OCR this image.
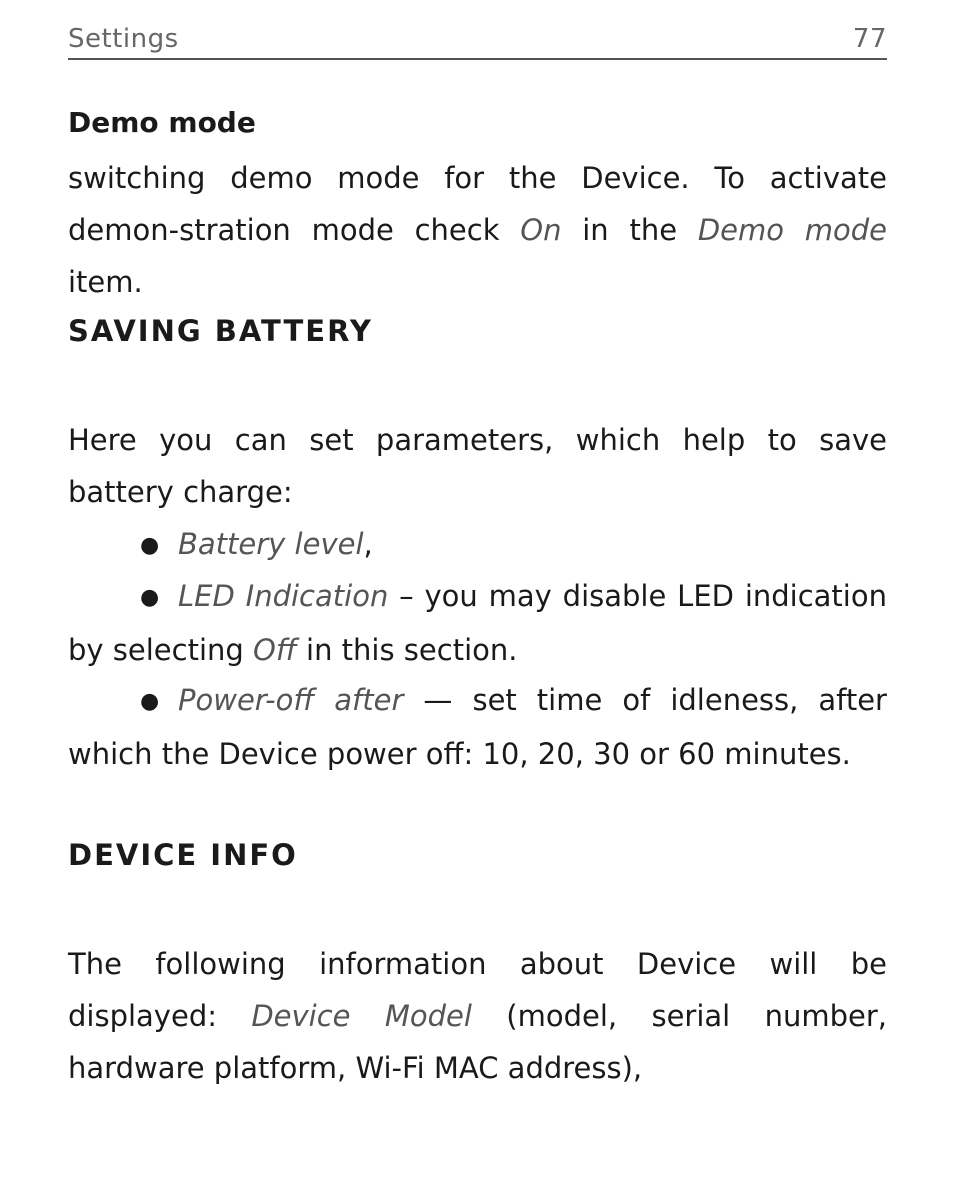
Settings	77
Demo mode

switching demo mode for the Device. To activate demon-stration mode check On in the Demo mode item.

SAVING BATTERY

Here you can set parameters, which help to save battery charge:

● Battery level,

● LED Indication – you may disable LED indication by selecting Off in this section.

● Power-off after — set time of idleness, after which the Device power off: 10, 20, 30 or 60 minutes.

DEVICE INFO

The following information about Device will be displayed: Device Model (model, serial number, hardware platform, Wi-Fi MAC address),
